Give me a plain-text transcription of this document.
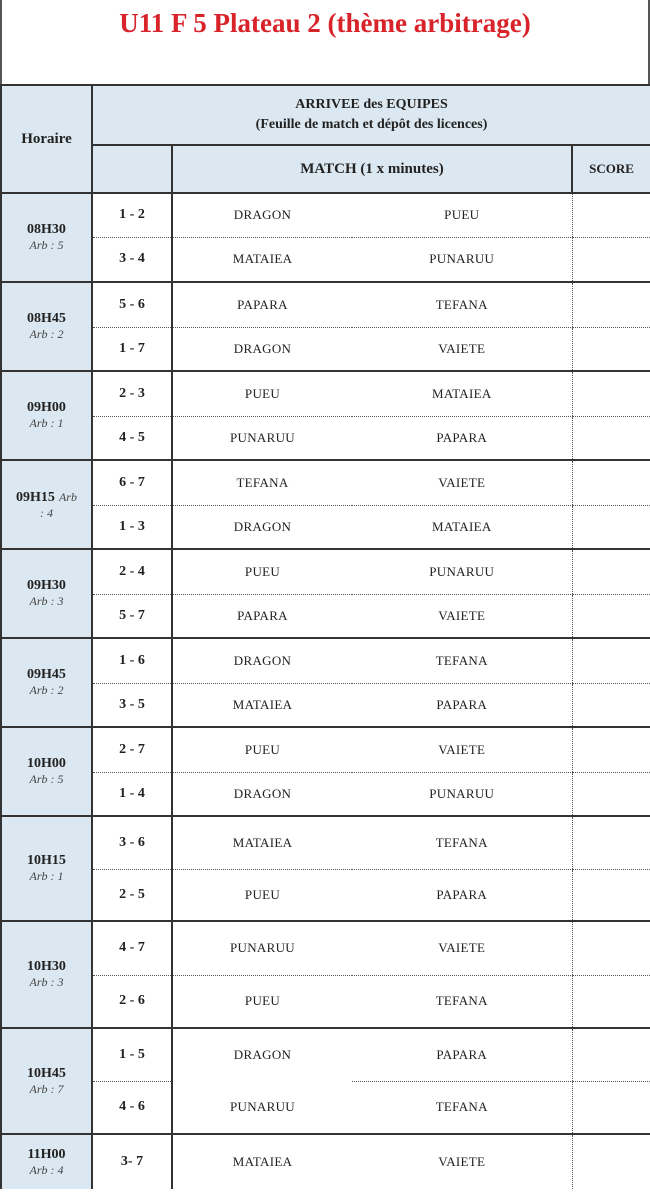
U11 F 5 Plateau 2 (thème arbitrage)
Horaire	ARRIVEE des EQUIPES
(Feuille de match et dépôt des licences)			

		MATCH (1 x minutes)		SCORE

08H30
Arb : 5	1 - 2	DRAGON	PUEU	
	3 - 4	MATAIEA	PUNARUU	

08H45
Arb : 2	5 - 6	PAPARA	TEFANA	
	1 - 7	DRAGON	VAIETE	

09H00
Arb : 1	2 - 3	PUEU	MATAIEA	
	4 - 5	PUNARUU	PAPARA	
09H15 Arb
: 4	6 - 7	TEFANA	VAIETE	
	1 - 3	DRAGON	MATAIEA	

09H30
Arb : 3	2 - 4	PUEU	PUNARUU	
	5 - 7	PAPARA	VAIETE	

09H45
Arb : 2	1 - 6	DRAGON	TEFANA	
	3 - 5	MATAIEA	PAPARA	

10H00
Arb : 5	2 - 7	PUEU	VAIETE	
	1 - 4	DRAGON	PUNARUU	

10H15
Arb : 1	3 - 6	MATAIEA	TEFANA	
	2 - 5	PUEU	PAPARA	

10H30
Arb : 3	4 - 7	PUNARUU	VAIETE	
	2 - 6	PUEU	TEFANA	

10H45
Arb : 7	1 - 5	DRAGON	PAPARA	
	4 - 6	PUNARUU	TEFANA	

11H00
Arb : 4	3- 7	MATAIEA	VAIETE	
